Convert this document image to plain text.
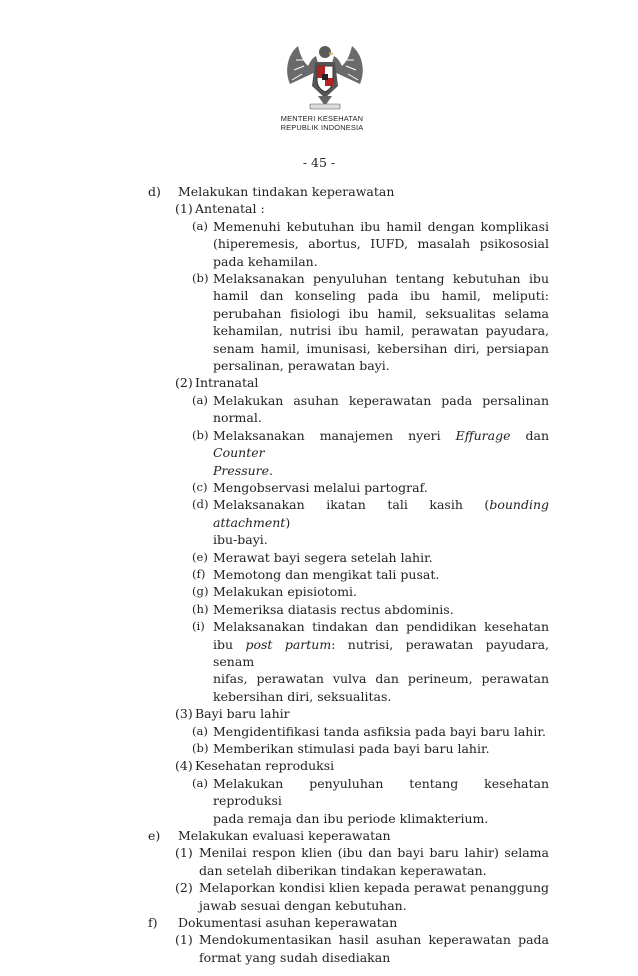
MENTERI KESEHATAN
REPUBLIK INDONESIA
- 45 -
d) Melakukan tindakan keperawatan
(1) Antenatal :
(a) Memenuhi kebutuhan ibu hamil dengan komplikasi
(hiperemesis, abortus, IUFD, masalah psikososial
pada kehamilan.
(b) Melaksanakan penyuluhan tentang kebutuhan ibu
hamil dan konseling pada ibu hamil, meliputi:
perubahan fisiologi ibu hamil, seksualitas selama
kehamilan, nutrisi ibu hamil, perawatan payudara,
senam hamil, imunisasi, kebersihan diri, persiapan
persalinan, perawatan bayi.
(2) Intranatal
(a) Melakukan asuhan keperawatan pada persalinan
normal.
(b) Melaksanakan manajemen nyeri Effurage dan Counter
Pressure.
(c) Mengobservasi melalui partograf.
(d) Melaksanakan ikatan tali kasih (bounding attachment)
ibu-bayi.
(e) Merawat bayi segera setelah lahir.
(f) Memotong dan mengikat tali pusat.
(g) Melakukan episiotomi.
(h) Memeriksa diatasis rectus abdominis.
(i) Melaksanakan tindakan dan pendidikan kesehatan
ibu post partum: nutrisi, perawatan payudara, senam
nifas, perawatan vulva dan perineum, perawatan
kebersihan diri, seksualitas.
(3) Bayi baru lahir
(a) Mengidentifikasi tanda asfiksia pada bayi baru lahir.
(b) Memberikan stimulasi pada bayi baru lahir.
(4) Kesehatan reproduksi
(a) Melakukan penyuluhan tentang kesehatan reproduksi
pada remaja dan ibu periode klimakterium.
e) Melakukan evaluasi keperawatan
(1) Menilai respon klien (ibu dan bayi baru lahir) selama
dan setelah diberikan tindakan keperawatan.
(2) Melaporkan kondisi klien kepada perawat penanggung
jawab sesuai dengan kebutuhan.
f) Dokumentasi asuhan keperawatan
(1) Mendokumentasikan hasil asuhan keperawatan pada
format yang sudah disediakan
